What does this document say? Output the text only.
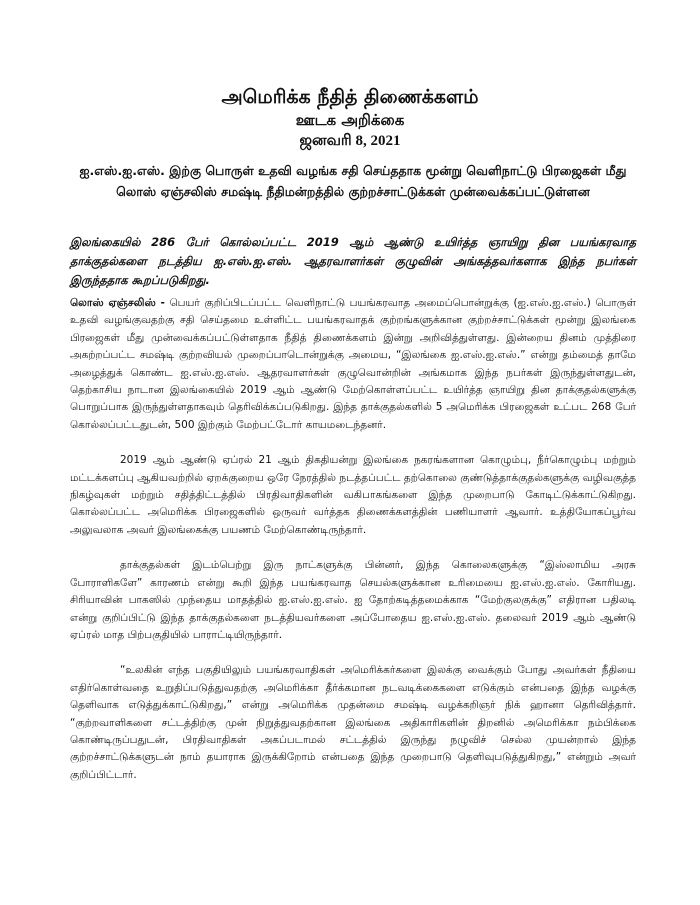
அமெரிக்க நீதித் திணைக்களம்
ஊடக அறிக்கை
ஜனவரி 8, 2021
ஐ.எஸ்.ஐ.எஸ். இற்கு பொருள் உதவி வழங்க சதி செய்ததாக மூன்று வெளிநாட்டு பிரஜைகள் மீது லொஸ் ஏஞ்சலிஸ் சமஷ்டி நீதிமன்றத்தில் குற்றச்சாட்டுக்கள் முன்வைக்கப்பட்டுள்ளன
இலங்கையில் 286 பேர் கொல்லப்பட்ட 2019 ஆம் ஆண்டு உயிர்த்த ஞாயிறு தின பயங்கரவாத தாக்குதல்களை நடத்திய ஐ.எஸ்.ஐ.எஸ். ஆதரவாளர்கள் குழுவின் அங்கத்தவர்களாக இந்த நபர்கள் இருந்ததாக கூறப்படுகிறது.

லொஸ் ஏஞ்சலிஸ் - பெயர் குறிப்பிடப்பட்ட வெளிநாட்டு பயங்கரவாத அமைப்பொன்றுக்கு (ஐ.எஸ்.ஐ.எஸ்.) பொருள் உதவி வழங்குவதற்கு சதி செய்தமை உள்ளிட்ட பயங்கரவாதக் குற்றங்களுக்கான குற்றச்சாட்டுக்கள் மூன்று இலங்கை பிரஜைகள் மீது முன்வைக்கப்பட்டுள்ளதாக நீதித் திணைக்களம் இன்று அறிவித்துள்ளது. இன்றைய தினம் முத்திரை அகற்றப்பட்ட சமஷ்டி குற்றவியல் முறைப்பாடொன்றுக்கு அமைய, “இலங்கை ஐ.எஸ்.ஐ.எஸ்.” என்று தம்மைத் தாமே அழைத்துக் கொண்ட ஐ.எஸ்.ஐ.எஸ். ஆதரவாளர்கள் குழுவொன்றின் அங்கமாக இந்த நபர்கள் இருந்துள்ளதுடன், தெற்காசிய நாடான இலங்கையில் 2019 ஆம் ஆண்டு மேற்கொள்ளப்பட்ட உயிர்த்த ஞாயிறு தின தாக்குதல்களுக்கு பொறுப்பாக இருந்துள்ளதாகவும் தெரிவிக்கப்படுகிறது. இந்த தாக்குதல்களில் 5 அமெரிக்க பிரஜைகள் உட்பட 268 பேர் கொல்லப்பட்டதுடன், 500 இற்கும் மேற்பட்டோர் காயமடைந்தனர்.

2019 ஆம் ஆண்டு ஏப்ரல் 21 ஆம் திகதியன்று இலங்கை நகரங்களான கொழும்பு, நீர்கொழும்பு மற்றும் மட்டக்களப்பு ஆகியவற்றில் ஏறக்குறைய ஒரே நேரத்தில் நடத்தப்பட்ட தற்கொலை குண்டுத்தாக்குதல்களுக்கு வழிவகுத்த நிகழ்வுகள் மற்றும் சதித்திட்டத்தில் பிரதிவாதிகளின் வகிபாகங்களை இந்த முறைபாடு கோடிட்டுக்காட்டுகிறது. கொல்லப்பட்ட அமெரிக்க பிரஜைகளில் ஒருவர் வர்த்தக திணைக்களத்தின் பணியாளர் ஆவார். உத்தியோகப்பூர்வ அலுவலாக அவர் இலங்கைக்கு பயணம் மேற்கொண்டிருந்தார்.

தாக்குதல்கள் இடம்பெற்று இரு நாட்களுக்கு பின்னர், இந்த கொலைகளுக்கு “இஸ்லாமிய அரசு போராளிகளே” காரணம் என்று கூறி இந்த பயங்கரவாத செயல்களுக்கான உரிமையை ஐ.எஸ்.ஐ.எஸ். கோரியது. சிரியாவின் பாகஸில் முந்தைய மாதத்தில் ஐ.எஸ்.ஐ.எஸ். ஐ தோற்கடித்தமைக்காக “மேற்குலகுக்கு” எதிரான பதிலடி என்று குறிப்பிட்டு இந்த தாக்குதல்களை நடத்தியவர்களை அப்போதைய ஐ.எஸ்.ஐ.எஸ். தலைவர் 2019 ஆம் ஆண்டு ஏப்ரல் மாத பிற்பகுதியில் பாராட்டியிருந்தார்.

“உலகின் எந்த பகுதியிலும் பயங்கரவாதிகள் அமெரிக்கர்களை இலக்கு வைக்கும் போது அவர்கள் நீதியை எதிர்கொள்வதை உறுதிப்படுத்துவதற்கு அமெரிக்கா தீர்க்கமான நடவடிக்கைகளை எடுக்கும் என்பதை இந்த வழக்கு தெளிவாக எடுத்துக்காட்டுகிறது,” என்று அமெரிக்க முதன்மை சமஷ்டி வழக்கறிஞர் நிக் ஹானா தெரிவித்தார். “குற்றவாளிகளை சட்டத்திற்கு முன் நிறுத்துவதற்கான இலங்கை அதிகாரிகளின் திறனில் அமெரிக்கா நம்பிக்கை கொண்டிருப்பதுடன், பிரதிவாதிகள் அகப்படாமல் சட்டத்தில் இருந்து நழுவிச் செல்ல முயன்றால் இந்த குற்றச்சாட்டுக்களுடன் நாம் தயாராக இருக்கிறோம் என்பதை இந்த முறைபாடு தெளிவுபடுத்துகிறது,” என்றும் அவர் குறிப்பிட்டார்.
